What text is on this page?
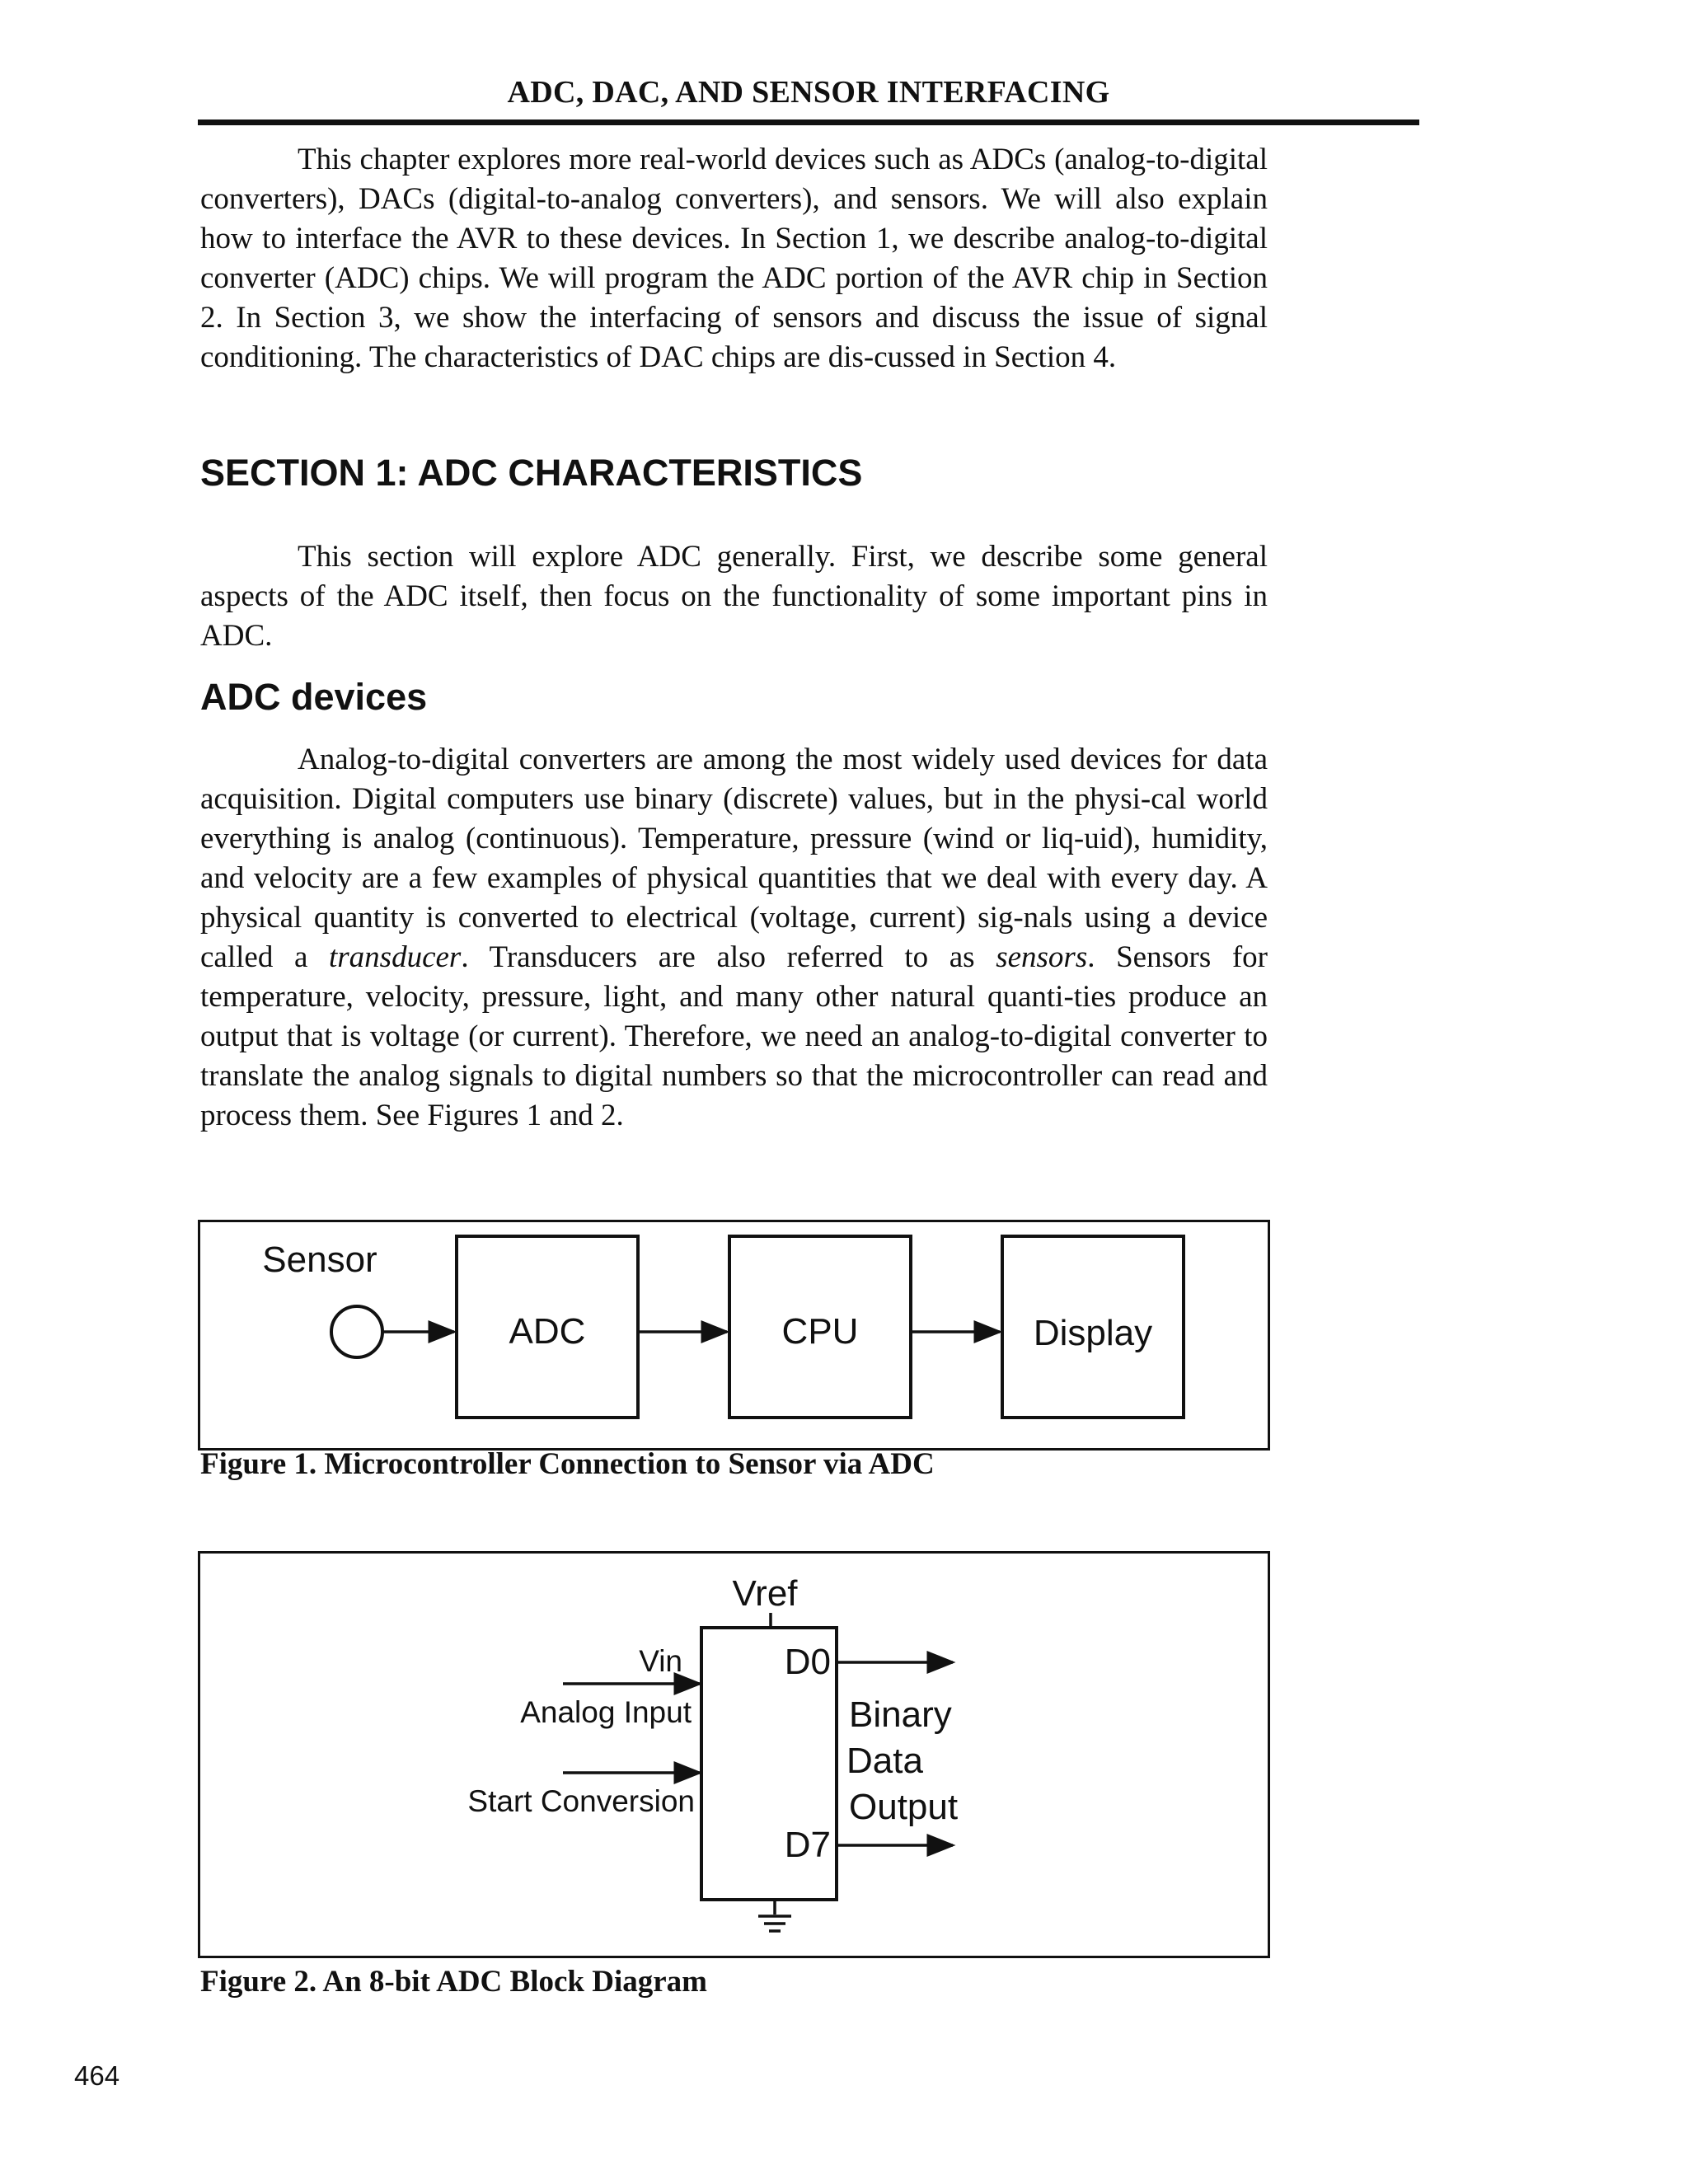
ADC, DAC, AND SENSOR INTERFACING

This chapter explores more real-world devices such as ADCs (analog-to-digital converters), DACs (digital-to-analog converters), and sensors. We will also explain how to interface the AVR to these devices. In Section 1, we describe analog-to-digital converter (ADC) chips. We will program the ADC portion of the AVR chip in Section 2. In Section 3, we show the interfacing of sensors and discuss the issue of signal conditioning. The characteristics of DAC chips are dis-cussed in Section 4.

SECTION 1: ADC CHARACTERISTICS

This section will explore ADC generally. First, we describe some general aspects of the ADC itself, then focus on the functionality of some important pins in ADC.

ADC devices

Analog-to-digital converters are among the most widely used devices for data acquisition. Digital computers use binary (discrete) values, but in the physi-cal world everything is analog (continuous). Temperature, pressure (wind or liq-uid), humidity, and velocity are a few examples of physical quantities that we deal with every day. A physical quantity is converted to electrical (voltage, current) sig-nals using a device called a transducer. Transducers are also referred to as sensors. Sensors for temperature, velocity, pressure, light, and many other natural quanti-ties produce an output that is voltage (or current). Therefore, we need an analog-to-digital converter to translate the analog signals to digital numbers so that the microcontroller can read and process them. See Figures 1 and 2.

Sensor
ADC	CPU	Display

Figure 1. Microcontroller Connection to Sensor via ADC

Vref
Vin
Analog Input
Start Conversion
D0
Binary
Data
Output
D7

Figure 2. An 8-bit ADC Block Diagram

464
